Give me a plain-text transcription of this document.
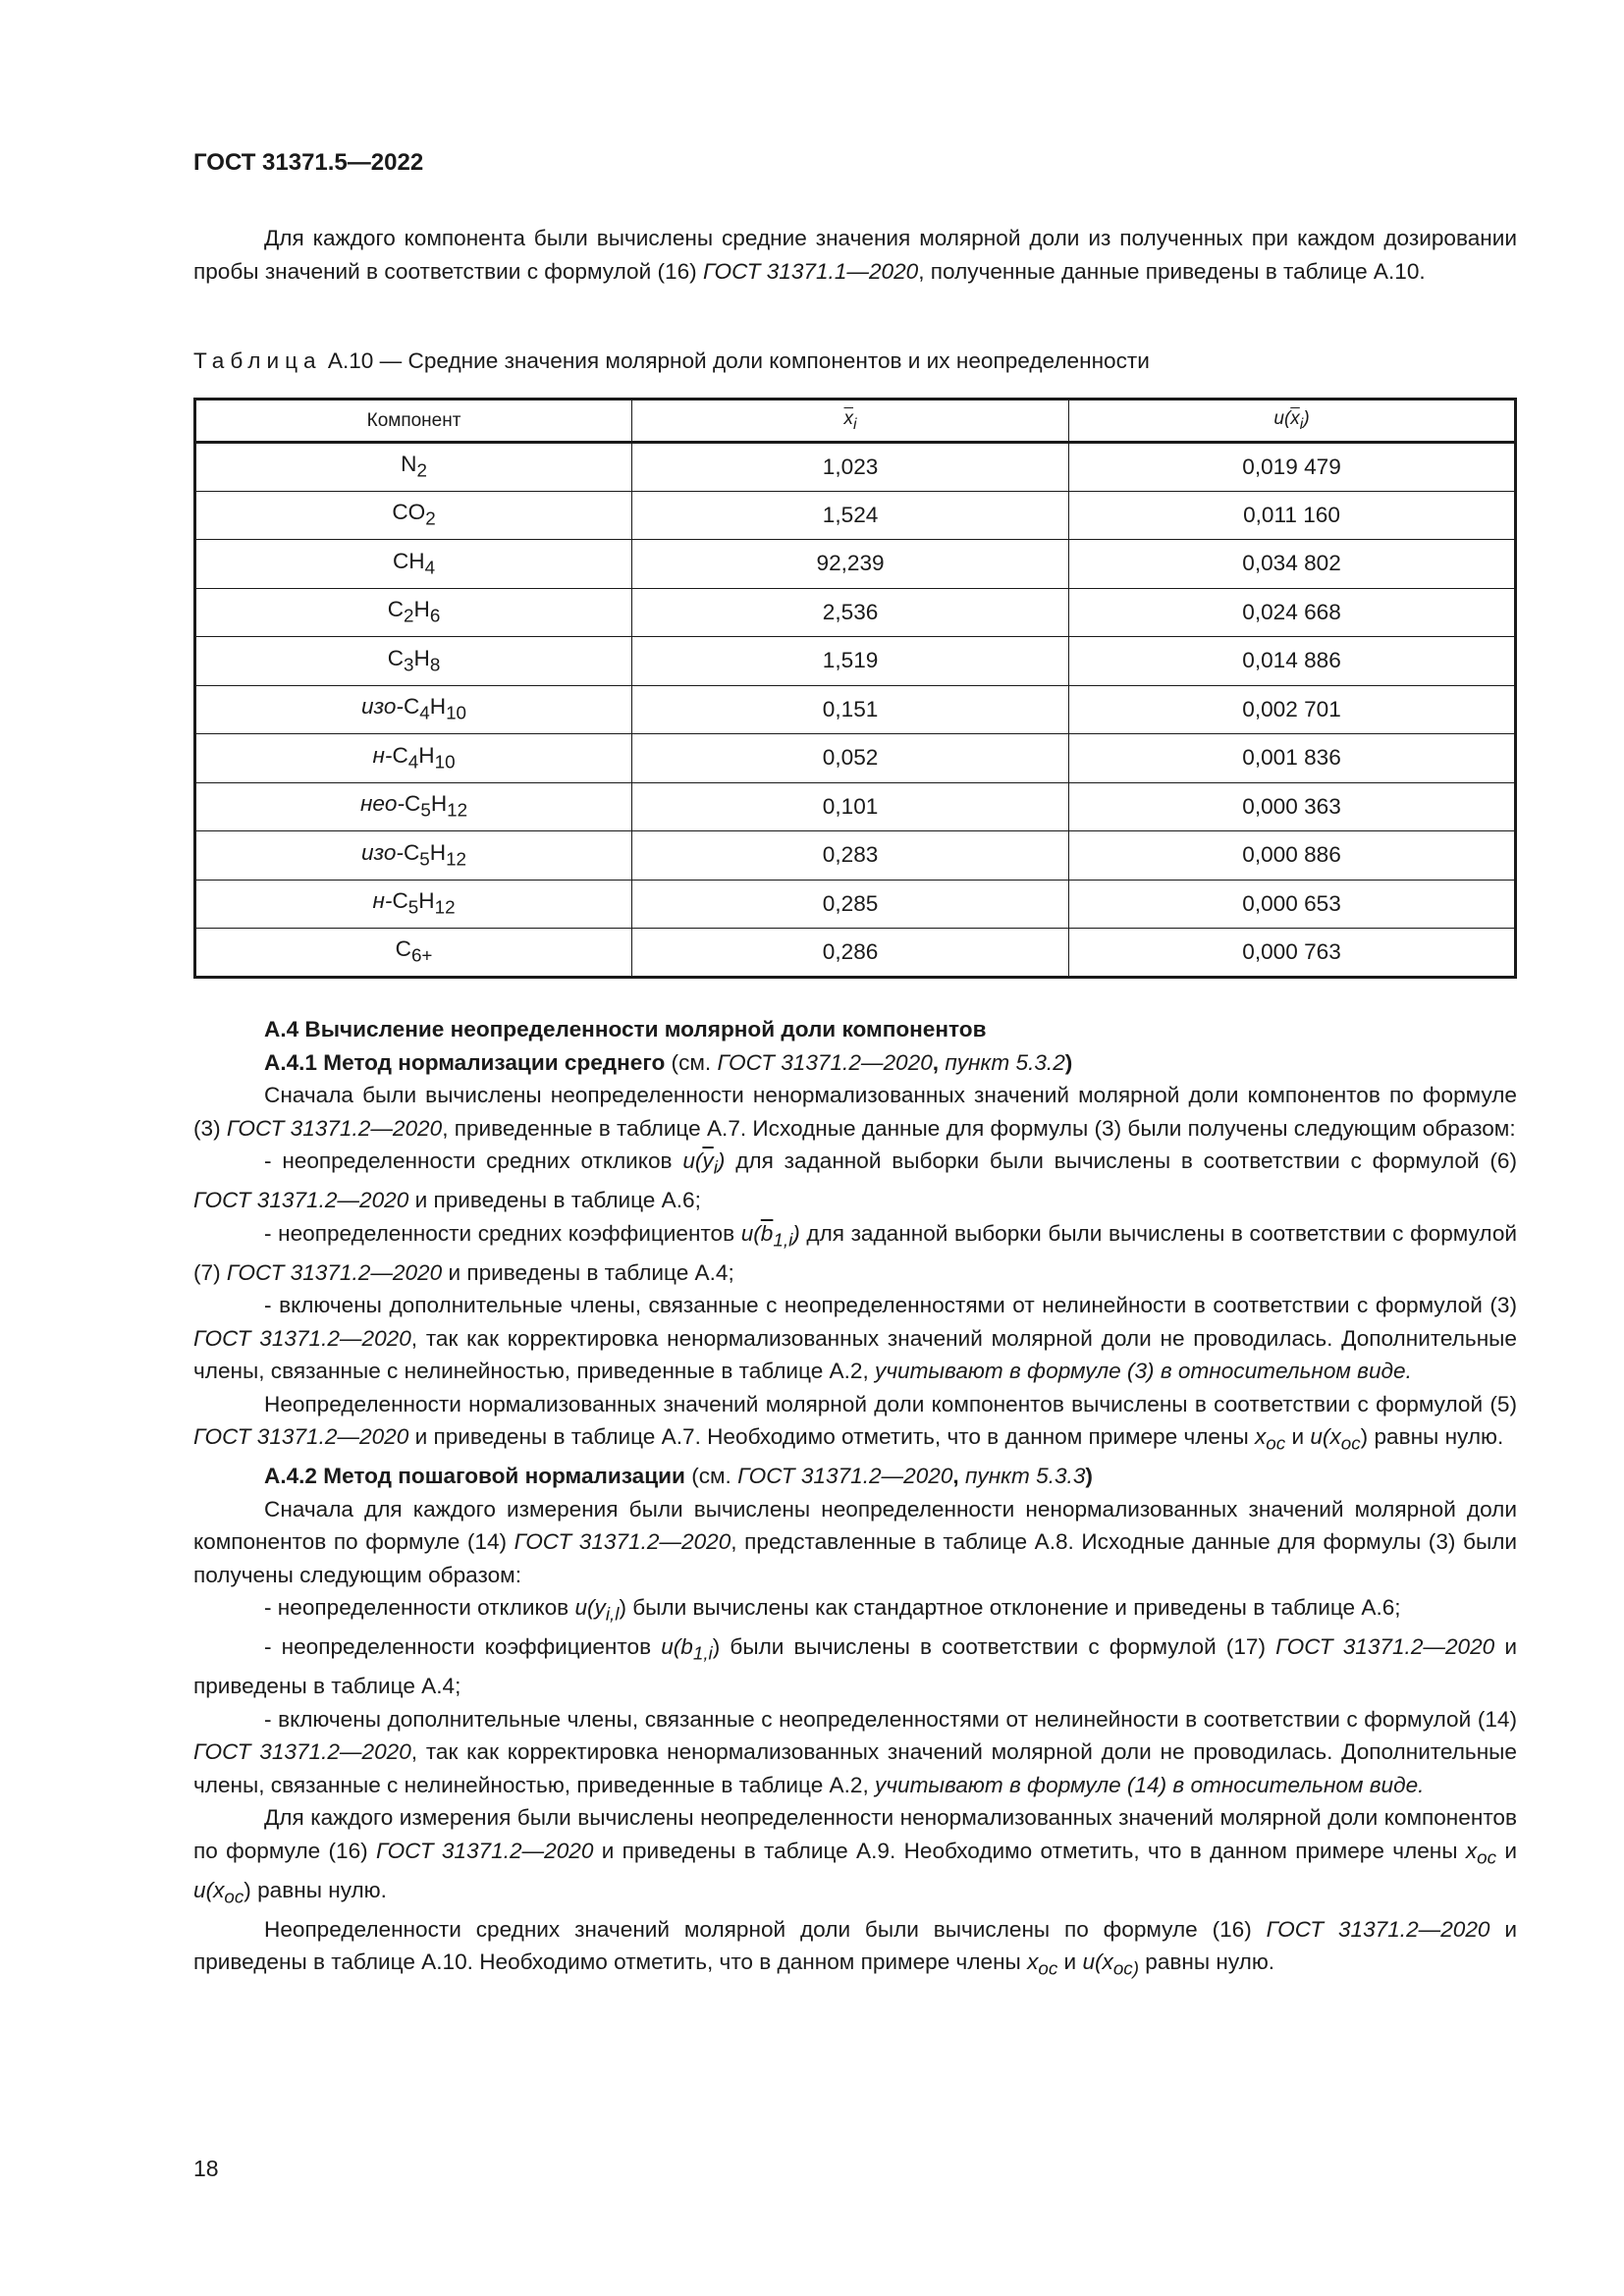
ГОСТ 31371.5—2022

Для каждого компонента были вычислены средние значения молярной доли из полученных при каждом дозировании пробы значений в соответствии с формулой (16) ГОСТ 31371.1—2020, полученные данные приведены в таблице А.10.

Таблица А.10 — Средние значения молярной доли компонентов и их неопределенности
Компонент	$\overline{x}_i$	$u(\overline{x}_i)$
$N_2$	1,023	0,019 479
$CO_2$	1,524	0,011 160
$CH_4$	92,239	0,034 802
$C_2H_6$	2,536	0,024 668
$C_3H_8$	1,519	0,014 886
изо-$C_4H_{10}$	0,151	0,002 701
$н-C_4H_{10}$	0,052	0,001 836
нео-$C_5H_{12}$	0,101	0,000 363
изо-$C_5H_{12}$	0,283	0,000 886
$н-C_5H_{12}$	0,285	0,000 653
$C_{6+}$	0,286	0,000 763

А.4 Вычисление неопределенности молярной доли компонентов

А.4.1 Метод нормализации среднего (см. ГОСТ 31371.2—2020, пункт 5.3.2)

Сначала были вычислены неопределенности ненормализованных значений молярной доли компонентов по формуле (3) ГОСТ 31371.2—2020, приведенные в таблице А.7. Исходные данные для формулы (3) были получены следующим образом:

- неопределенности средних откликов $u(\overline{y}_i)$ для заданной выборки были вычислены в соответствии с формулой (6) ГОСТ 31371.2—2020 и приведены в таблице А.6;

- неопределенности средних коэффициентов $u(\overline{b}_{1,i})$ для заданной выборки были вычислены в соответствии с формулой (7) ГОСТ 31371.2—2020 и приведены в таблице А.4;

- включены дополнительные члены, связанные с неопределенностями от нелинейности в соответствии с формулой (3) ГОСТ 31371.2—2020, так как корректировка ненормализованных значений молярной доли не проводилась. Дополнительные члены, связанные с нелинейностью, приведенные в таблице А.2, учитывают в формуле (3) в относительном виде.

Неопределенности нормализованных значений молярной доли компонентов вычислены в соответствии с формулой (5) ГОСТ 31371.2—2020 и приведены в таблице А.7. Необходимо отметить, что в данном примере члены $x_{oc}$ и $u(x_{oc})$ равны нулю.

А.4.2 Метод пошаговой нормализации (см. ГОСТ 31371.2—2020, пункт 5.3.3)

Сначала для каждого измерения были вычислены неопределенности ненормализованных значений молярной доли компонентов по формуле (14) ГОСТ 31371.2—2020, представленные в таблице А.8. Исходные данные для формулы (3) были получены следующим образом:

- неопределенности откликов $u(y_{i,l})$ были вычислены как стандартное отклонение и приведены в таблице А.6;

- неопределенности коэффициентов $u(b_{1,i})$ были вычислены в соответствии с формулой (17) ГОСТ 31371.2—2020 и приведены в таблице А.4;

- включены дополнительные члены, связанные с неопределенностями от нелинейности в соответствии с формулой (14) ГОСТ 31371.2—2020, так как корректировка ненормализованных значений молярной доли не проводилась. Дополнительные члены, связанные с нелинейностью, приведенные в таблице А.2, учитывают в формуле (14) в относительном виде.

Для каждого измерения были вычислены неопределенности ненормализованных значений молярной доли компонентов по формуле (16) ГОСТ 31371.2—2020 и приведены в таблице А.9. Необходимо отметить, что в данном примере члены $x_{oc}$ и $u(x_{oc})$ равны нулю.

Неопределенности средних значений молярной доли были вычислены по формуле (16) ГОСТ 31371.2—2020 и приведены в таблице А.10. Необходимо отметить, что в данном примере члены $x_{oc}$ и $u(x_{oc)}$ равны нулю.

18
